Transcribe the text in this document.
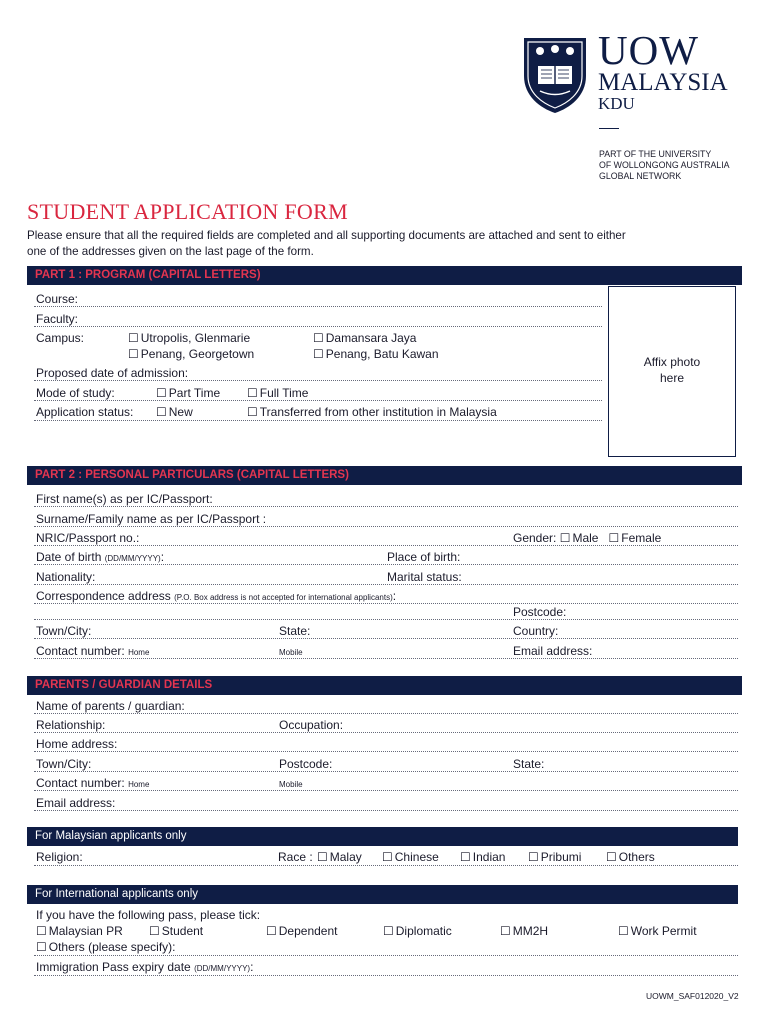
UOW
MALAYSIA
KDU
PART OF THE UNIVERSITY
OF WOLLONGONG AUSTRALIA
GLOBAL NETWORK
STUDENT APPLICATION FORM
Please ensure that all the required fields are completed and all supporting documents are attached and sent to either
one of the addresses given on the last page of the form.
PART 1 : PROGRAM (CAPITAL LETTERS)
Course:
Faculty:
Campus:	☐ Utropolis, Glenmarie	☐ Damansara Jaya
☐ Penang, Georgetown	☐ Penang, Batu Kawan
Proposed date of admission:
Mode of study:	☐ Part Time ☐ Full Time
Application status: ☐ New	☐ Transferred from other institution in Malaysia
Affix photo
here
PART 2 : PERSONAL PARTICULARS (CAPITAL LETTERS)
First name(s) as per IC/Passport:
Surname/Family name as per IC/Passport :
NRIC/Passport no.:	Gender: ☐ Male ☐ Female
Date of birth (DD/MM/YYYY):	Place of birth:
Nationality:	Marital status:
Correspondence address (P.O. Box address is not accepted for international applicants):
Postcode:
Town/City:	State:	Country:
Contact number: Home	Mobile	Email address:
PARENTS / GUARDIAN DETAILS
Name of parents / guardian:
Relationship:	Occupation:
Home address:
Town/City:	Postcode:	State:
Contact number: Home	Mobile
Email address:
For Malaysian applicants only
Religion:	Race : ☐ Malay ☐ Chinese ☐ Indian ☐ Pribumi ☐ Others
For International applicants only
If you have the following pass, please tick:
☐ Malaysian PR ☐ Student	☐ Dependent	☐ Diplomatic	☐ MM2H	☐ Work Permit
☐ Others (please specify):
Immigration Pass expiry date (DD/MM/YYYY):
UOWM_SAF012020_V2
